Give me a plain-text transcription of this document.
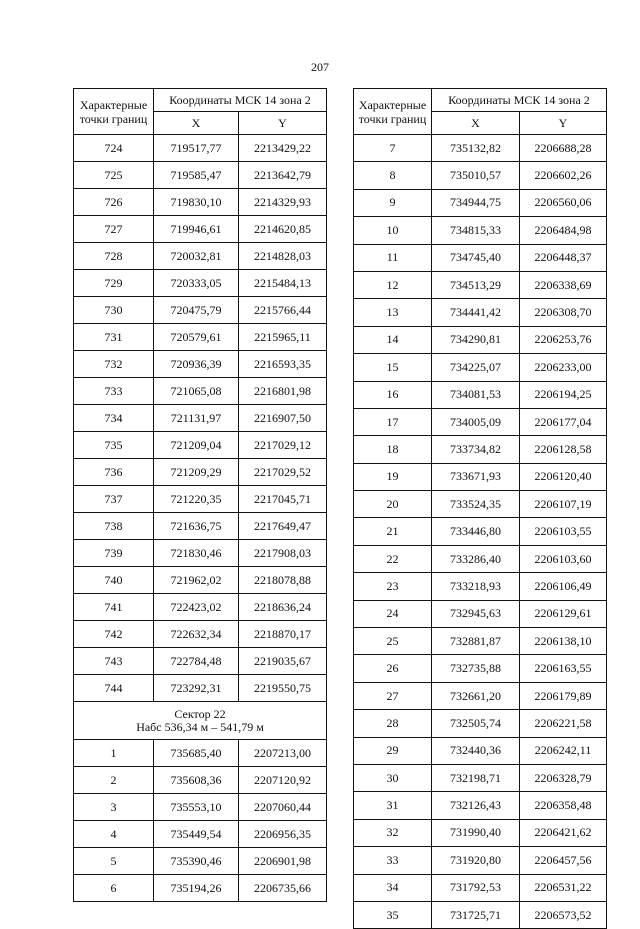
207
Характерные
точки границ	Координаты МСК 14 зона 2	
	X	Y
724	719517,77	2213429,22
725	719585,47	2213642,79
726	719830,10	2214329,93
727	719946,61	2214620,85
728	720032,81	2214828,03
729	720333,05	2215484,13
730	720475,79	2215766,44
731	720579,61	2215965,11
732	720936,39	2216593,35
733	721065,08	2216801,98
734	721131,97	2216907,50
735	721209,04	2217029,12
736	721209,29	2217029,52
737	721220,35	2217045,71
738	721636,75	2217649,47
739	721830,46	2217908,03
740	721962,02	2218078,88
741	722423,02	2218636,24
742	722632,34	2218870,17
743	722784,48	2219035,67
744	723292,31	2219550,75
Сектор 22
Набс 536,34 м – 541,79 м		
1	735685,40	2207213,00
2	735608,36	2207120,92
3	735553,10	2207060,44
4	735449,54	2206956,35
5	735390,46	2206901,98
6	735194,26	2206735,66
Характерные
точки границ	Координаты МСК 14 зона 2	
	X	Y
7	735132,82	2206688,28
8	735010,57	2206602,26
9	734944,75	2206560,06
10	734815,33	2206484,98
11	734745,40	2206448,37
12	734513,29	2206338,69
13	734441,42	2206308,70
14	734290,81	2206253,76
15	734225,07	2206233,00
16	734081,53	2206194,25
17	734005,09	2206177,04
18	733734,82	2206128,58
19	733671,93	2206120,40
20	733524,35	2206107,19
21	733446,80	2206103,55
22	733286,40	2206103,60
23	733218,93	2206106,49
24	732945,63	2206129,61
25	732881,87	2206138,10
26	732735,88	2206163,55
27	732661,20	2206179,89
28	732505,74	2206221,58
29	732440,36	2206242,11
30	732198,71	2206328,79
31	732126,43	2206358,48
32	731990,40	2206421,62
33	731920,80	2206457,56
34	731792,53	2206531,22
35	731725,71	2206573,52
